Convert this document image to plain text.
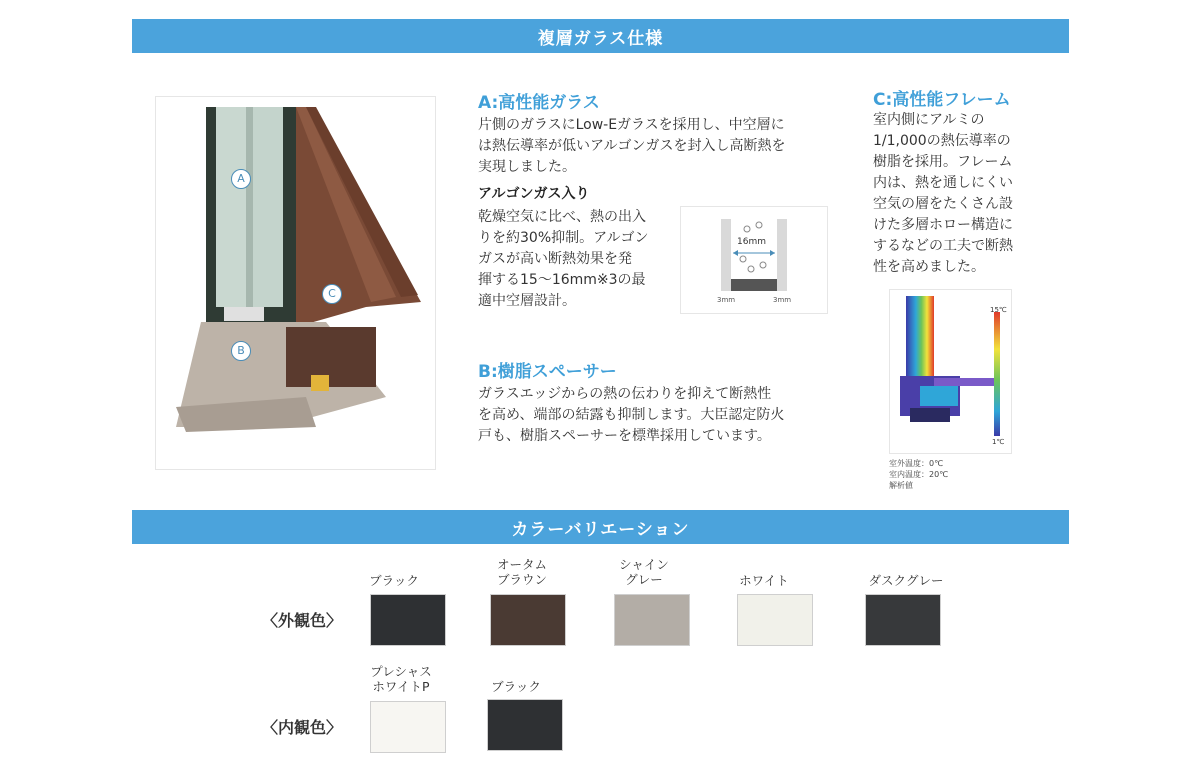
複層ガラス仕様
A
B
C
A:高性能ガラス
片側のガラスにLow-Eガラスを採用し、中空層に
は熱伝導率が低いアルゴンガスを封入し高断熱を
実現しました。
アルゴンガス入り
乾燥空気に比べ、熱の出入
りを約30%抑制。アルゴン
ガスが高い断熱効果を発
揮する15〜16mm※3の最
適中空層設計。
16mm
3mm	3mm
B:樹脂スペーサー
ガラスエッジからの熱の伝わりを抑えて断熱性
を高め、端部の結露も抑制します。大臣認定防火
戸も、樹脂スペーサーを標準採用しています。
C:高性能フレーム
室内側にアルミの
1/1,000の熱伝導率の
樹脂を採用。フレーム
内は、熱を通しにくい
空気の層をたくさん設
けた多層ホロー構造に
するなどの工夫で断熱
性を高めました。
15℃
1℃
室外温度：0℃
室内温度：20℃
解析値
カラーバリエーション
〈外観色〉
〈内観色〉
ブラック
オータム
ブラウン
シャイン
グレー	ホワイト	ダスクグレー
プレシャス
ホワイトP	ブラック
